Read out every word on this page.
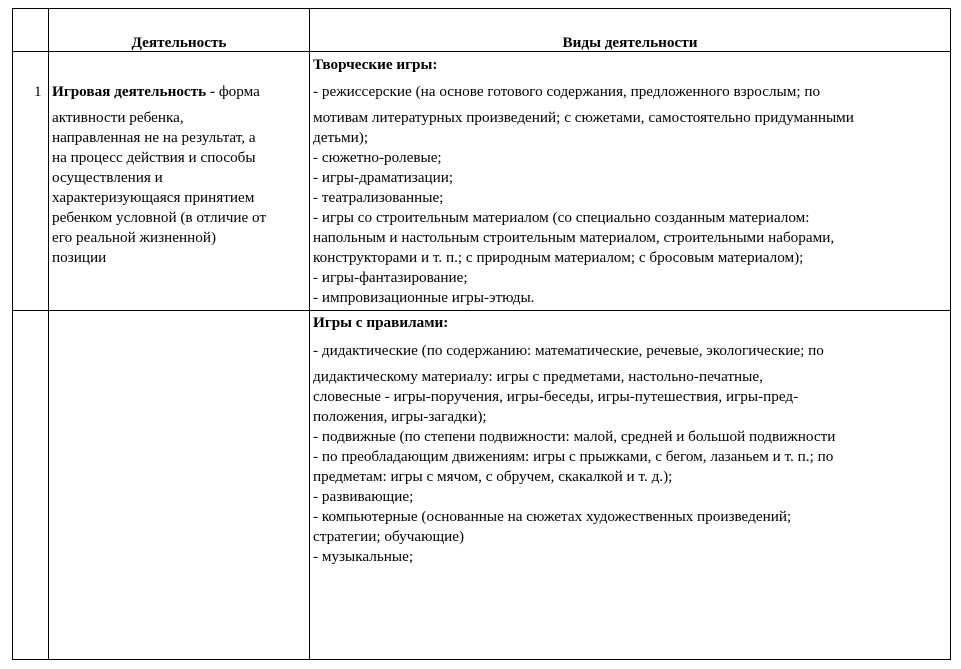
Деятельность	Виды деятельности
1 Игровая деятельность - форма
активности ребенка,
направленная не на результат, а
на процесс действия и способы
осуществления и
характеризующаяся принятием
ребенком условной (в отличие от
его реальной жизненной)
позиции
Творческие игры:
- режиссерские (на основе готового содержания, предложенного взрослым; по
мотивам литературных произведений; с сюжетами, самостоятельно придуманными
детьми);
- сюжетно-ролевые;
- игры-драматизации;
- театрализованные;
- игры со строительным материалом (со специально созданным материалом:
напольным и настольным строительным материалом, строительными наборами,
конструкторами и т. п.; с природным материалом; с бросовым материалом);
- игры-фантазирование;
- импровизационные игры-этюды.
Игры с правилами:
- дидактические (по содержанию: математические, речевые, экологические; по
дидактическому материалу: игры с предметами, настольно-печатные,
словесные - игры-поручения, игры-беседы, игры-путешествия, игры-пред-
положения, игры-загадки);
- подвижные (по степени подвижности: малой, средней и большой подвижности
- по преобладающим движениям: игры с прыжками, с бегом, лазаньем и т. п.; по
предметам: игры с мячом, с обручем, скакалкой и т. д.);
- развивающие;
- компьютерные (основанные на сюжетах художественных произведений;
стратегии; обучающие)
- музыкальные;
